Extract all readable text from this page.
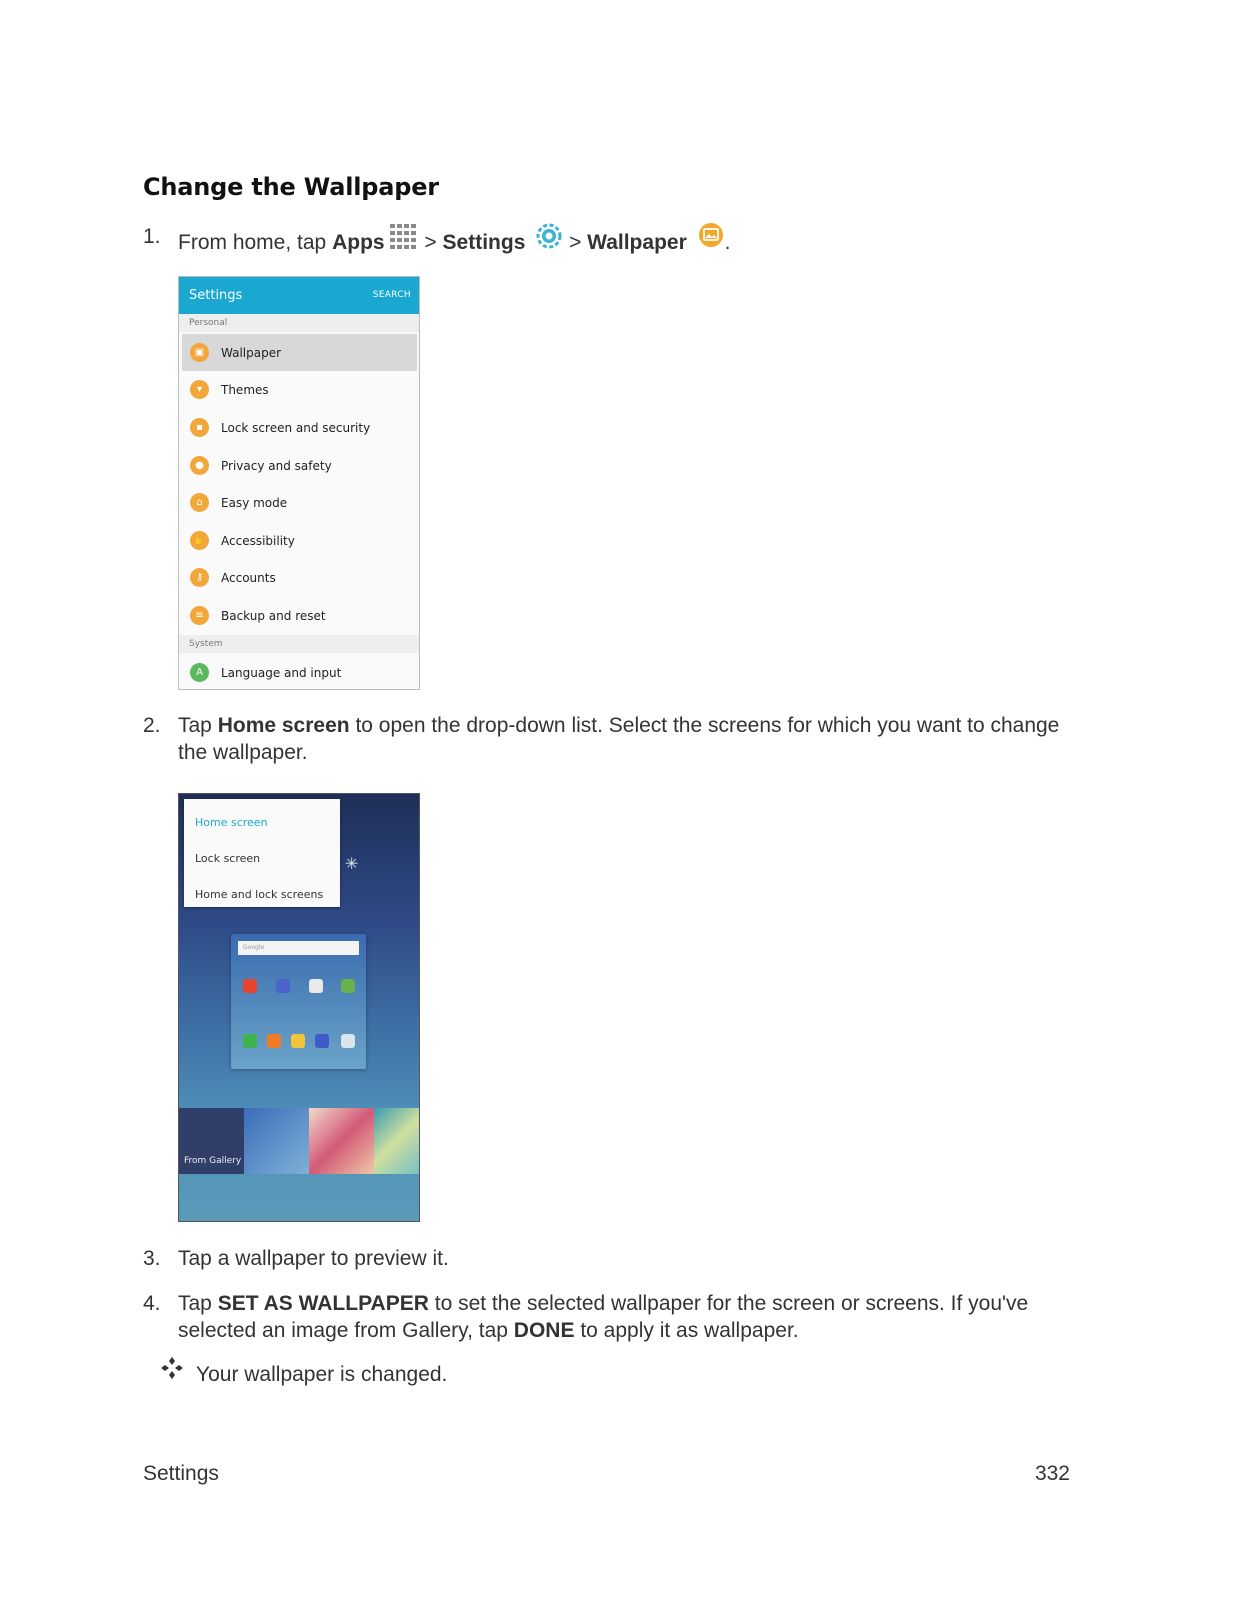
Change the Wallpaper
1. From home, tap Apps > Settings > Wallpaper .
Settings	SEARCH
Personal
▣	Wallpaper
▾	Themes
▪	Lock screen and security
●	Privacy and safety
⌂	Easy mode
✋ Accessibility
⚷	Accounts
≡	Backup and reset
System
A	Language and input
2. Tap Home screen to open the drop-down list. Select the screens for which you want to change
the wallpaper.
Home screen
Lock screen
Home and lock screens
✳
Google
From Gallery
3. Tap a wallpaper to preview it.
4. Tap SET AS WALLPAPER to set the selected wallpaper for the screen or screens. If you've
selected an image from Gallery, tap DONE to apply it as wallpaper.
Your wallpaper is changed.
Settings	332
